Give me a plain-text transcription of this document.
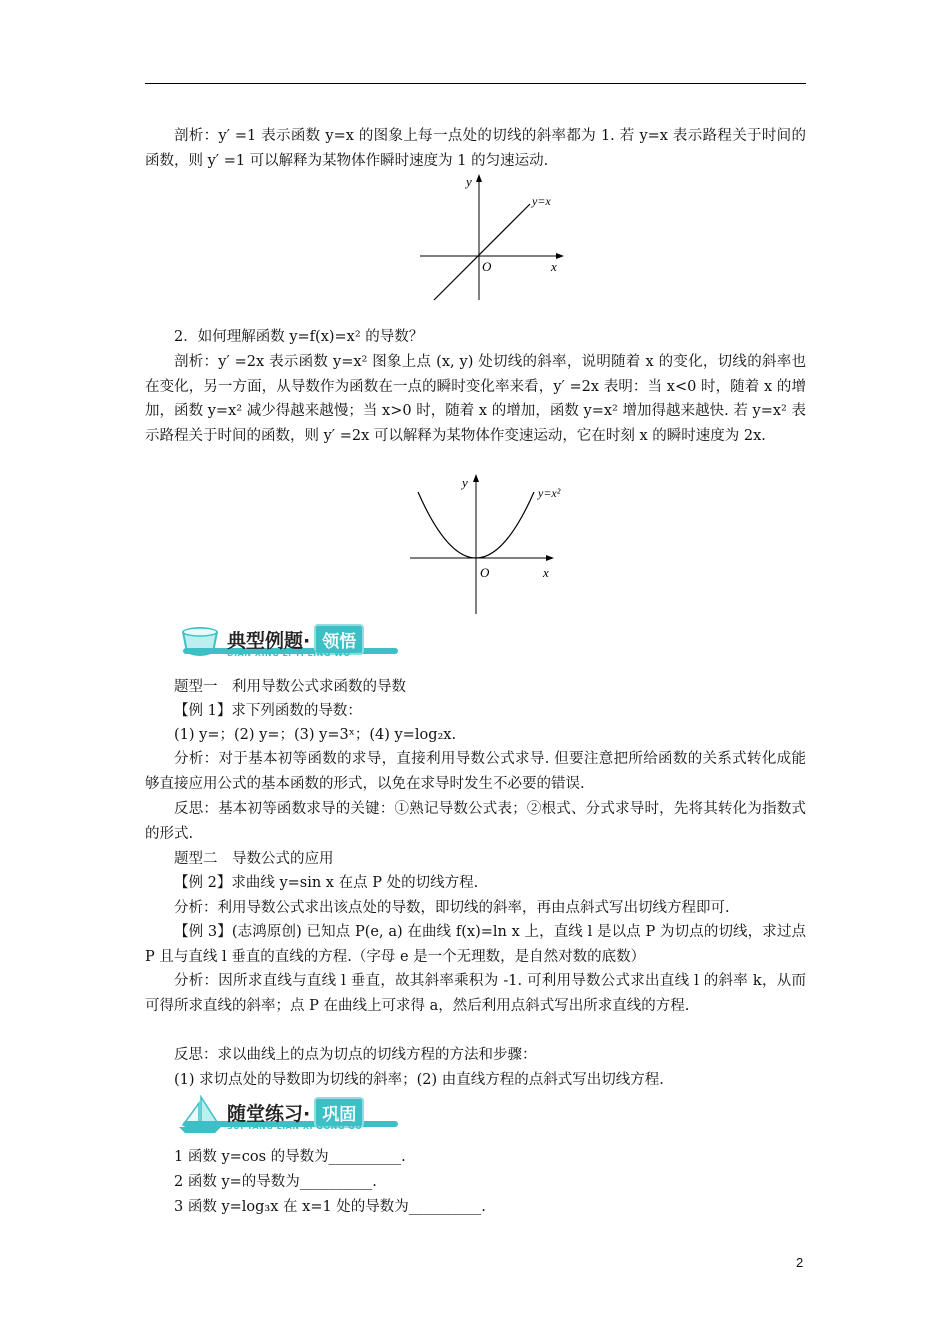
剖析：y′ =1 表示函数 y=x 的图象上每一点处的切线的斜率都为 1. 若 y=x 表示路程关于时间的函数，则 y′ =1 可以解释为某物体作瞬时速度为 1 的匀速运动.

y
x
O
y=x

2．如何理解函数 y=f(x)=x² 的导数？

剖析：y′ =2x 表示函数 y=x² 图象上点 (x, y) 处切线的斜率，说明随着 x 的变化，切线的斜率也在变化，另一方面，从导数作为函数在一点的瞬时变化率来看，y′ =2x 表明：当 x<0 时，随着 x 的增加，函数 y=x² 减少得越来越慢；当 x>0 时，随着 x 的增加，函数 y=x² 增加得越来越快. 若 y=x² 表示路程关于时间的函数，则 y′ =2x 可以解释为某物体作变速运动，它在时刻 x 的瞬时速度为 2x.

y
x
O
y=x²
典型例题· 领悟
DIAN XING LI TI LING WU

题型一　利用导数公式求函数的导数

【例 1】求下列函数的导数：

(1) y=；(2) y=；(3) y=3ˣ；(4) y=log₂x.

分析：对于基本初等函数的求导，直接利用导数公式求导. 但要注意把所给函数的关系式转化成能够直接应用公式的基本函数的形式，以免在求导时发生不必要的错误.

反思：基本初等函数求导的关键：①熟记导数公式表；②根式、分式求导时，先将其转化为指数式的形式.

题型二　导数公式的应用

【例 2】求曲线 y=sin x 在点 P 处的切线方程.

分析：利用导数公式求出该点处的导数，即切线的斜率，再由点斜式写出切线方程即可.

【例 3】(志鸿原创) 已知点 P(e, a) 在曲线 f(x)=ln x 上，直线 l 是以点 P 为切点的切线，求过点 P 且与直线 l 垂直的直线的方程.（字母 e 是一个无理数，是自然对数的底数）

分析：因所求直线与直线 l 垂直，故其斜率乘积为 -1. 可利用导数公式求出直线 l 的斜率 k，从而可得所求直线的斜率；点 P 在曲线上可求得 a，然后利用点斜式写出所求直线的方程.

反思：求以曲线上的点为切点的切线方程的方法和步骤：

(1) 求切点处的导数即为切线的斜率；(2) 由直线方程的点斜式写出切线方程.

随堂练习· 巩固
SUI TANG LIAN XI GONG GU

1 函数 y=cos 的导数为__________.

2 函数 y=的导数为__________.

3 函数 y=log₃x 在 x=1 处的导数为__________.

2
